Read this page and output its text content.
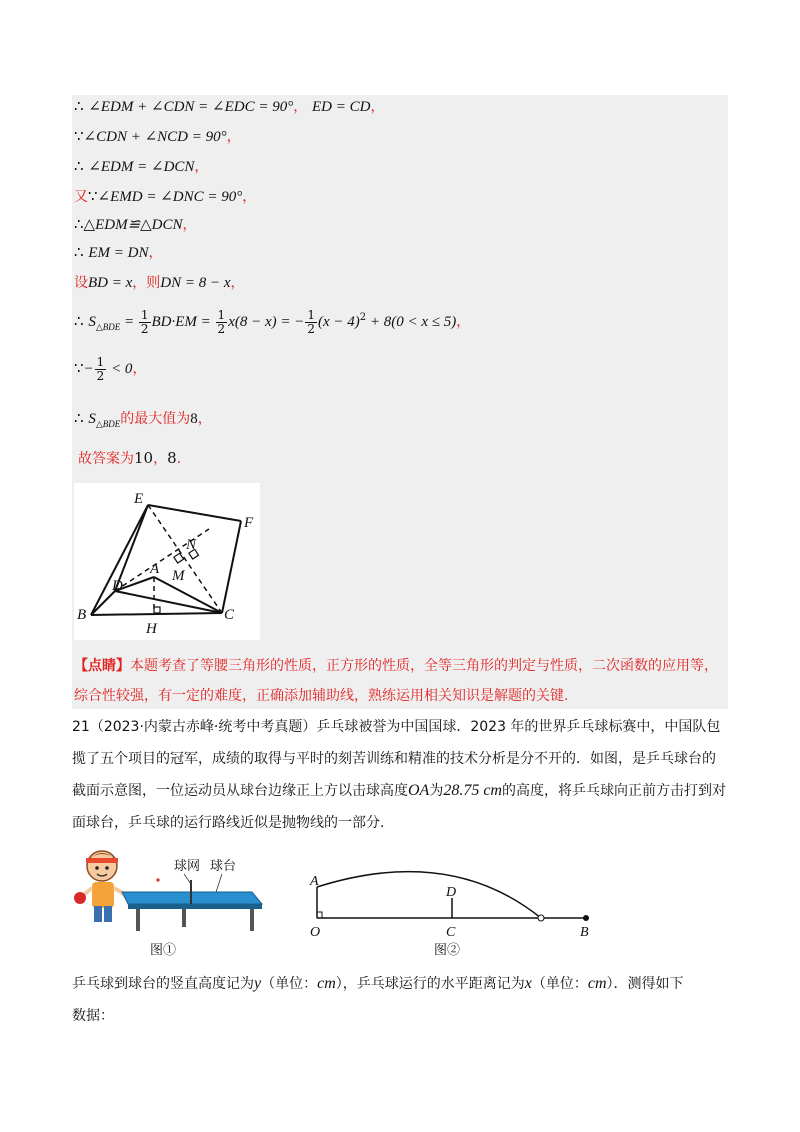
∴ ∠EDM + ∠CDN = ∠EDC = 90°， ED = CD，
∵∠CDN + ∠NCD = 90°，
∴ ∠EDM = ∠DCN，
又∵∠EMD = ∠DNC = 90°，
∴△EDM≌△DCN，
∴ EM = DN，
设BD = x，则DN = 8 − x，
∴ $S_{\triangle BDE} = \frac{1}{2} BD\cdot EM = \frac{1}{2} x(8 - x)$ = − $\frac{1}{2} (x - 4)^2 + 8(0 < x \le 5)$，
∵− $\frac{1}{2} < 0$，
∴ $S_{\triangle BDE}$的最大值为8，
故答案为10，8.
E
F
N
A M
D
B	C
H
【点睛】本题考查了等腰三角形的性质，正方形的性质，全等三角形的判定与性质，二次函数的应用等，综合性较强，有一定的难度，正确添加辅助线，熟练运用相关知识是解题的关键.
21（2023·内蒙古赤峰·统考中考真题）乒乓球被誉为中国国球．2023 年的世界乒乓球标赛中，中国队包揽了五个项目的冠军，成绩的取得与平时的刻苦训练和精准的技术分析是分不开的．如图，是乒乓球台的截面示意图，一位运动员从球台边缘正上方以击球高度OA为28.75 cm的高度，将乒乓球向正前方击打到对面球台，乒乓球的运行路线近似是抛物线的一部分.
球网 球台
图①
A
D
O	C	B
图②
乒乓球到球台的竖直高度记为y（单位：cm），乒乓球运行的水平距离记为x（单位：cm）．测得如下
数据：
